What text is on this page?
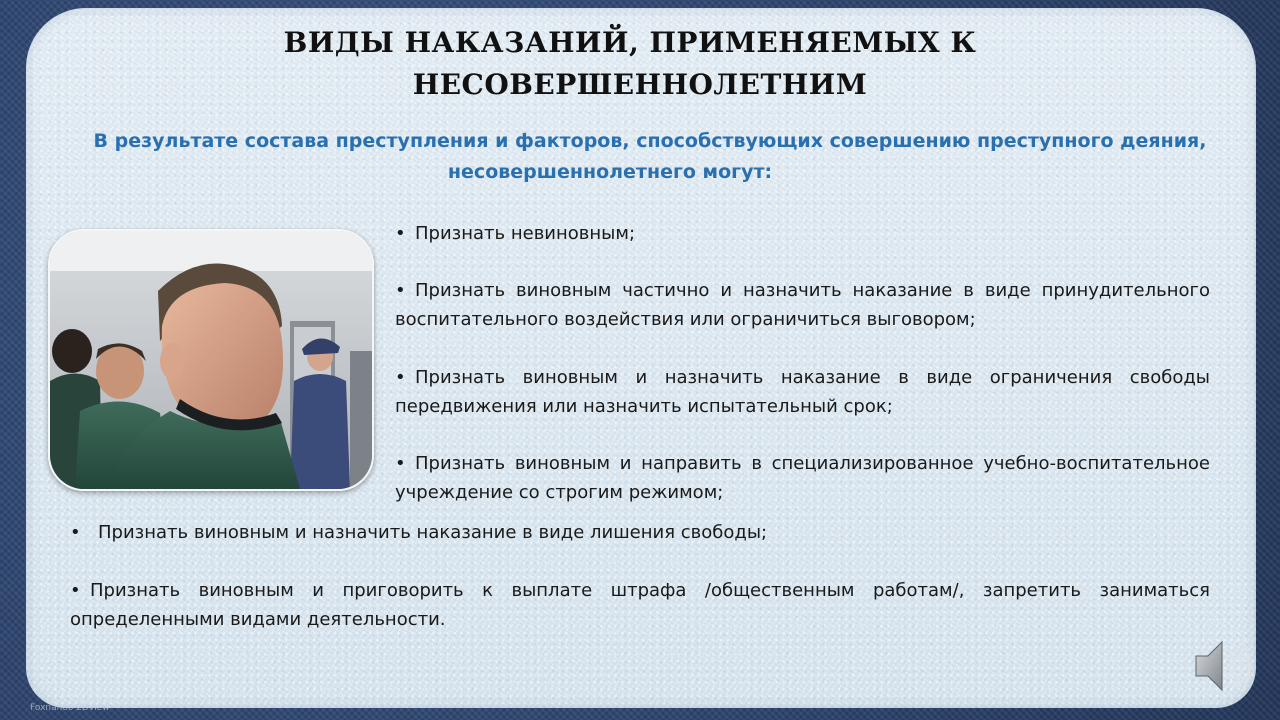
ВИДЫ НАКАЗАНИЙ, ПРИМЕНЯЕМЫХ К
НЕСОВЕРШЕННОЛЕТНИМ
В результате состава преступления и факторов, способствующих совершению преступного деяния,
несовершеннолетнего могут:
• Признать невиновным;
• Признать виновным частично и назначить наказание в виде принудительного воспитательного воздействия или ограничиться выговором;
• Признать виновным и назначить наказание в виде ограничения свободы передвижения или назначить испытательный срок;
• Признать виновным и направить в специализированное учебно-воспитательное учреждение со строгим режимом;
• Признать виновным и назначить наказание в виде лишения свободы;
• Признать виновным и приговорить к выплате штрафа /общественным работам/, запретить заниматься определенными видами деятельности.
Foxnanoo 2Dview
